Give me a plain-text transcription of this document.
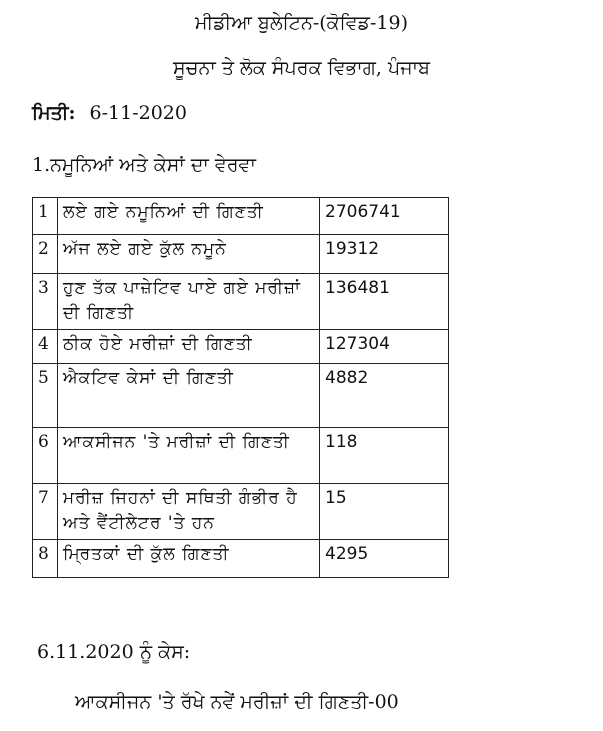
ਮੀਡੀਆ ਬੁਲੇਟਿਨ-(ਕੋਵਿਡ-19)
ਸੂਚਨਾ ਤੇ ਲੋਕ ਸੰਪਰਕ ਵਿਭਾਗ, ਪੰਜਾਬ
ਮਿਤੀ: 6-11-2020
1.ਨਮੂਨਿਆਂ ਅਤੇ ਕੇਸਾਂ ਦਾ ਵੇਰਵਾ
1	ਲਏ ਗਏ ਨਮੂਨਿਆਂ ਦੀ ਗਿਣਤੀ	2706741
2	ਅੱਜ ਲਏ ਗਏ ਕੁੱਲ ਨਮੂਨੇ	19312
3	ਹੁਣ ਤੱਕ ਪਾਜ਼ੇਟਿਵ ਪਾਏ ਗਏ ਮਰੀਜ਼ਾਂ ਦੀ ਗਿਣਤੀ	136481
4	ਠੀਕ ਹੋਏ ਮਰੀਜ਼ਾਂ ਦੀ ਗਿਣਤੀ	127304
5	ਐਕਟਿਵ ਕੇਸਾਂ ਦੀ ਗਿਣਤੀ	4882
6	ਆਕਸੀਜਨ 'ਤੇ ਮਰੀਜ਼ਾਂ ਦੀ ਗਿਣਤੀ	118
7	ਮਰੀਜ਼ ਜਿਹਨਾਂ ਦੀ ਸਥਿਤੀ ਗੰਭੀਰ ਹੈ ਅਤੇ ਵੈਂਟੀਲੇਟਰ 'ਤੇ ਹਨ	15
8	ਮ੍ਰਿਤਕਾਂ ਦੀ ਕੁੱਲ ਗਿਣਤੀ	4295
6.11.2020 ਨੂੰ ਕੇਸ:
ਆਕਸੀਜਨ 'ਤੇ ਰੱਖੇ ਨਵੇਂ ਮਰੀਜ਼ਾਂ ਦੀ ਗਿਣਤੀ-00
